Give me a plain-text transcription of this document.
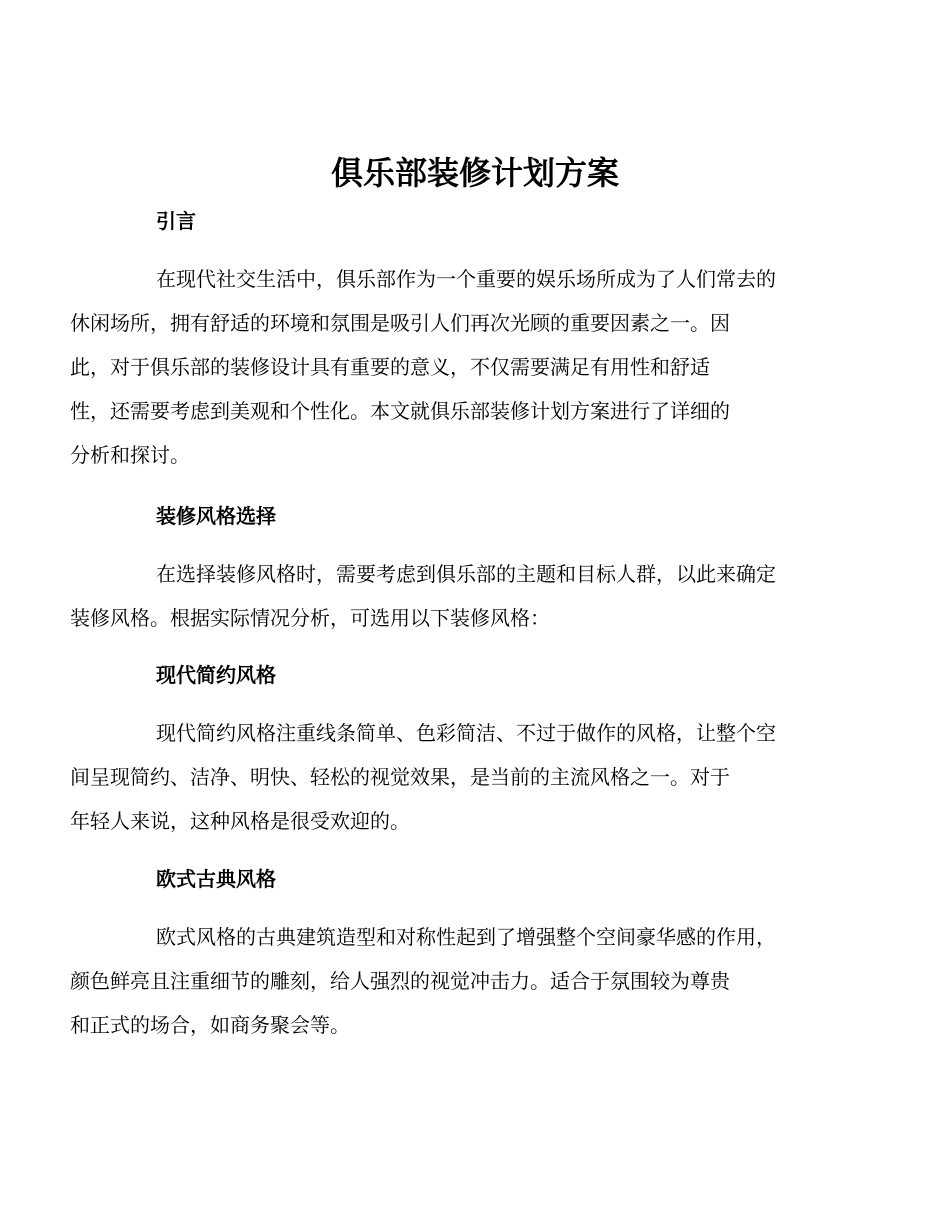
俱乐部装修计划方案
引言

在现代社交生活中，俱乐部作为一个重要的娱乐场所成为了人们常去的
休闲场所，拥有舒适的环境和氛围是吸引人们再次光顾的重要因素之一。因
此，对于俱乐部的装修设计具有重要的意义，不仅需要满足有用性和舒适
性，还需要考虑到美观和个性化。本文就俱乐部装修计划方案进行了详细的
分析和探讨。

装修风格选择

在选择装修风格时，需要考虑到俱乐部的主题和目标人群，以此来确定
装修风格。根据实际情况分析，可选用以下装修风格：

现代简约风格

现代简约风格注重线条简单、色彩简洁、不过于做作的风格，让整个空
间呈现简约、洁净、明快、轻松的视觉效果，是当前的主流风格之一。对于
年轻人来说，这种风格是很受欢迎的。

欧式古典风格

欧式风格的古典建筑造型和对称性起到了增强整个空间豪华感的作用，
颜色鲜亮且注重细节的雕刻，给人强烈的视觉冲击力。适合于氛围较为尊贵
和正式的场合，如商务聚会等。
